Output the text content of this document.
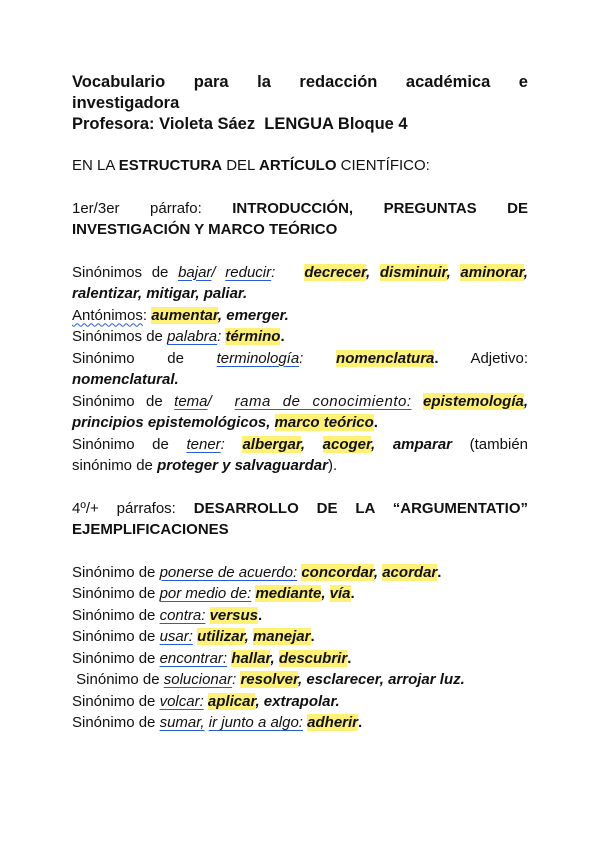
Vocabulario para la redacción académica e
investigadora
Profesora: Violeta Sáez  LENGUA Bloque 4
EN LA ESTRUCTURA DEL ARTÍCULO CIENTÍFICO:
1er/3er párrafo: INTRODUCCIÓN, PREGUNTAS DE
INVESTIGACIÓN Y MARCO TEÓRICO
Sinónimos de bajar/ reducir:   decrecer, disminuir, aminorar,
ralentizar, mitigar, paliar.
Antónimos: aumentar, emerger.
Sinónimos de palabra: término.
Sinónimo de terminología: nomenclatura. Adjetivo:
nomenclatural.
Sinónimo de tema/  rama de conocimiento: epistemología,
principios epistemológicos, marco teórico.
Sinónimo de tener: albergar, acoger, amparar (también
sinónimo de proteger y salvaguardar).
4º/+ párrafos: DESARROLLO DE LA “ARGUMENTATIO”
EJEMPLIFICACIONES
Sinónimo de ponerse de acuerdo: concordar, acordar.
Sinónimo de por medio de: mediante, vía.
Sinónimo de contra: versus.
Sinónimo de usar: utilizar, manejar.
Sinónimo de encontrar: hallar, descubrir.
Sinónimo de solucionar: resolver, esclarecer, arrojar luz.
Sinónimo de volcar: aplicar, extrapolar.
Sinónimo de sumar, ir junto a algo: adherir.
